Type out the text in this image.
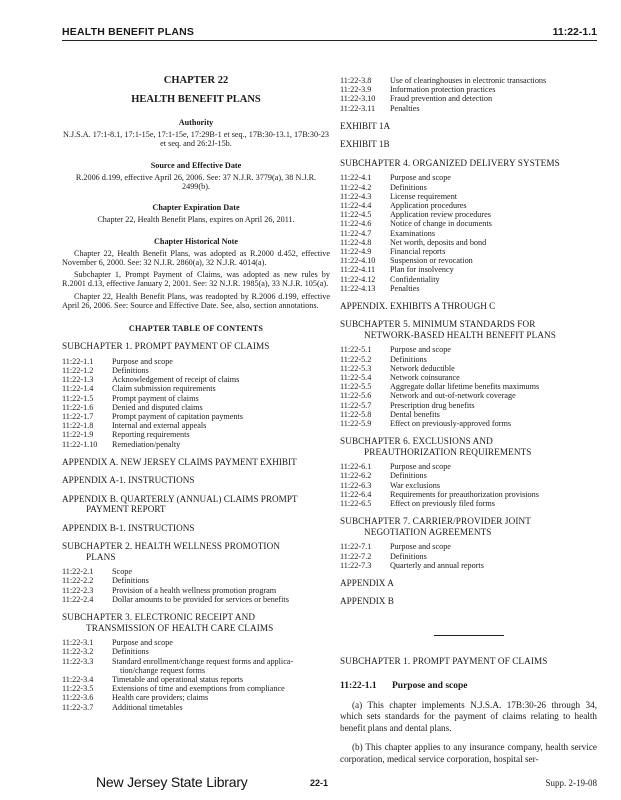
HEALTH BENEFIT PLANS	11:22-1.1
CHAPTER 22
HEALTH BENEFIT PLANS
Authority
N.J.S.A. 17:1-8.1, 17:1-15e, 17:1-15e, 17:29B-1 et seq., 17B:30-13.1, 17B:30-23 et seq. and 26:2J-15b.
Source and Effective Date
R.2006 d.199, effective April 26, 2006. See: 37 N.J.R. 3779(a), 38 N.J.R. 2499(b).
Chapter Expiration Date
Chapter 22, Health Benefit Plans, expires on April 26, 2011.
Chapter Historical Note
Chapter 22, Health Benefit Plans, was adopted as R.2000 d.452, effective November 6, 2000. See: 32 N.J.R. 2860(a), 32 N.J.R. 4014(a).
Subchapter 1, Prompt Payment of Claims, was adopted as new rules by R.2001 d.13, effective January 2, 2001. See: 32 N.J.R. 1985(a), 33 N.J.R. 105(a).
Chapter 22, Health Benefit Plans, was readopted by R.2006 d.199, effective April 26, 2006. See: Source and Effective Date. See, also, section annotations.
CHAPTER TABLE OF CONTENTS
SUBCHAPTER 1. PROMPT PAYMENT OF CLAIMS
11:22-1.1	Purpose and scope
11:22-1.2	Definitions
11:22-1.3	Acknowledgement of receipt of claims
11:22-1.4	Claim submission requirements
11:22-1.5	Prompt payment of claims
11:22-1.6	Denied and disputed claims
11:22-1.7	Prompt payment of capitation payments
11:22-1.8	Internal and external appeals
11:22-1.9	Reporting requirements
11:22-1.10	Remediation/penalty
APPENDIX A. NEW JERSEY CLAIMS PAYMENT EXHIBIT
APPENDIX A-1. INSTRUCTIONS
APPENDIX B. QUARTERLY (ANNUAL) CLAIMS PROMPT
PAYMENT REPORT
APPENDIX B-1. INSTRUCTIONS
SUBCHAPTER 2. HEALTH WELLNESS PROMOTION
PLANS
11:22-2.1	Scope
11:22-2.2	Definitions
11:22-2.3	Provision of a health wellness promotion program
11:22-2.4	Dollar amounts to be provided for services or benefits
SUBCHAPTER 3. ELECTRONIC RECEIPT AND
TRANSMISSION OF HEALTH CARE CLAIMS
11:22-3.1	Purpose and scope
11:22-3.2	Definitions
11:22-3.3	Standard enrollment/change request forms and applica-
tion/change request forms
11:22-3.4	Timetable and operational status reports
11:22-3.5	Extensions of time and exemptions from compliance
11:22-3.6	Health care providers; claims
11:22-3.7	Additional timetables
11:22-3.8	Use of clearinghouses in electronic transactions
11:22-3.9	Information protection practices
11:22-3.10	Fraud prevention and detection
11:22-3.11	Penalties
EXHIBIT 1A
EXHIBIT 1B
SUBCHAPTER 4. ORGANIZED DELIVERY SYSTEMS
11:22-4.1	Purpose and scope
11:22-4.2	Definitions
11:22-4.3	License requirement
11:22-4.4	Application procedures
11:22-4.5	Application review procedures
11:22-4.6	Notice of change in documents
11:22-4.7	Examinations
11:22-4.8	Net worth, deposits and bond
11:22-4.9	Financial reports
11:22-4.10	Suspension or revocation
11:22-4.11	Plan for insolvency
11:22-4.12	Confidentiality
11:22-4.13	Penalties
APPENDIX. EXHIBITS A THROUGH C
SUBCHAPTER 5. MINIMUM STANDARDS FOR
NETWORK-BASED HEALTH BENEFIT PLANS
11:22-5.1	Purpose and scope
11:22-5.2	Definitions
11:22-5.3	Network deductible
11:22-5.4	Network coinsurance
11:22-5.5	Aggregate dollar lifetime benefits maximums
11:22-5.6	Network and out-of-network coverage
11:22-5.7	Prescription drug benefits
11:22-5.8	Dental benefits
11:22-5.9	Effect on previously-approved forms
SUBCHAPTER 6. EXCLUSIONS AND
PREAUTHORIZATION REQUIREMENTS
11:22-6.1	Purpose and scope
11:22-6.2	Definitions
11:22-6.3	War exclusions
11:22-6.4	Requirements for preauthorization provisions
11:22-6.5	Effect on previously filed forms
SUBCHAPTER 7. CARRIER/PROVIDER JOINT
NEGOTIATION AGREEMENTS
11:22-7.1	Purpose and scope
11:22-7.2	Definitions
11:22-7.3	Quarterly and annual reports
APPENDIX A
APPENDIX B
SUBCHAPTER 1. PROMPT PAYMENT OF CLAIMS
11:22-1.1 Purpose and scope
(a) This chapter implements N.J.S.A. 17B:30-26 through 34, which sets standards for the payment of claims relating to health benefit plans and dental plans.
(b) This chapter applies to any insurance company, health service corporation, medical service corporation, hospital ser-
New Jersey State Library	22-1	Supp. 2-19-08
